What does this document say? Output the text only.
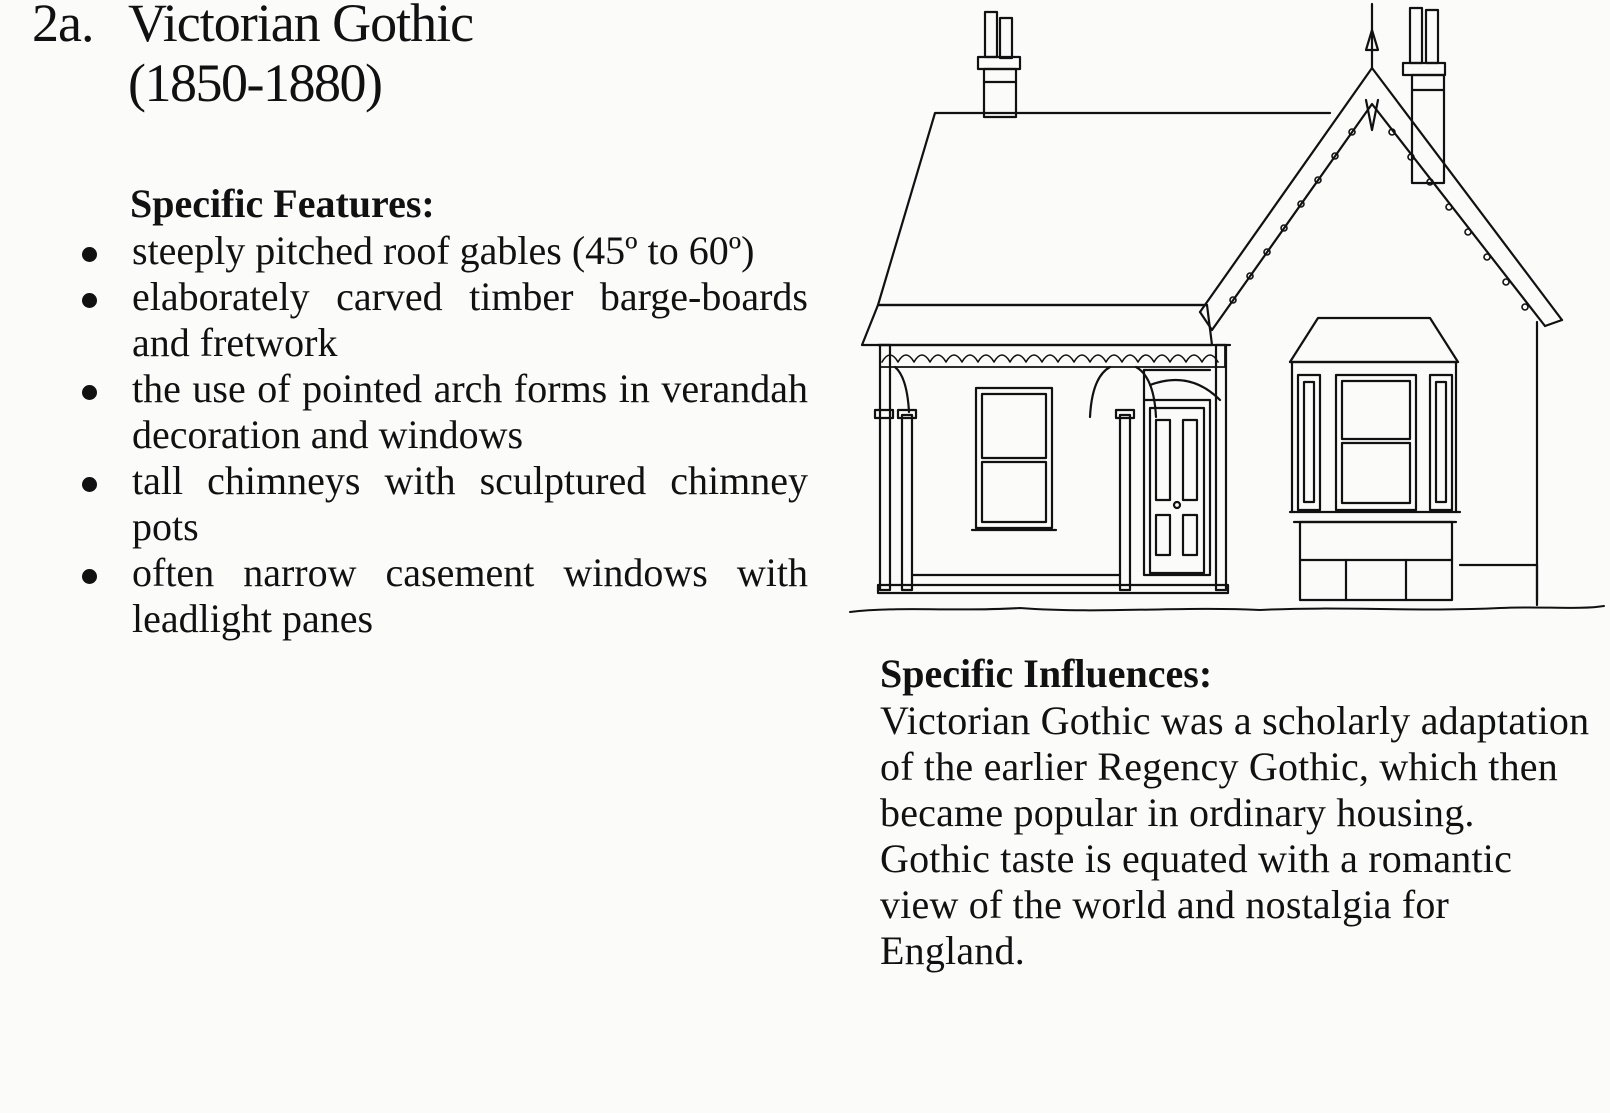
2a. Victorian Gothic
(1850-1880)
Specific Features:
steeply pitched roof gables (45º to 60º)
elaborately carved timber barge-boards and fretwork
the use of pointed arch forms in verandah decoration and windows
tall chimneys with sculptured chimney pots
often narrow casement windows with leadlight panes
Specific Influences:

Victorian Gothic was a scholarly adaptation of the earlier Regency Gothic, which then became popular in ordinary housing.

Gothic taste is equated with a romantic view of the world and nostalgia for England.
